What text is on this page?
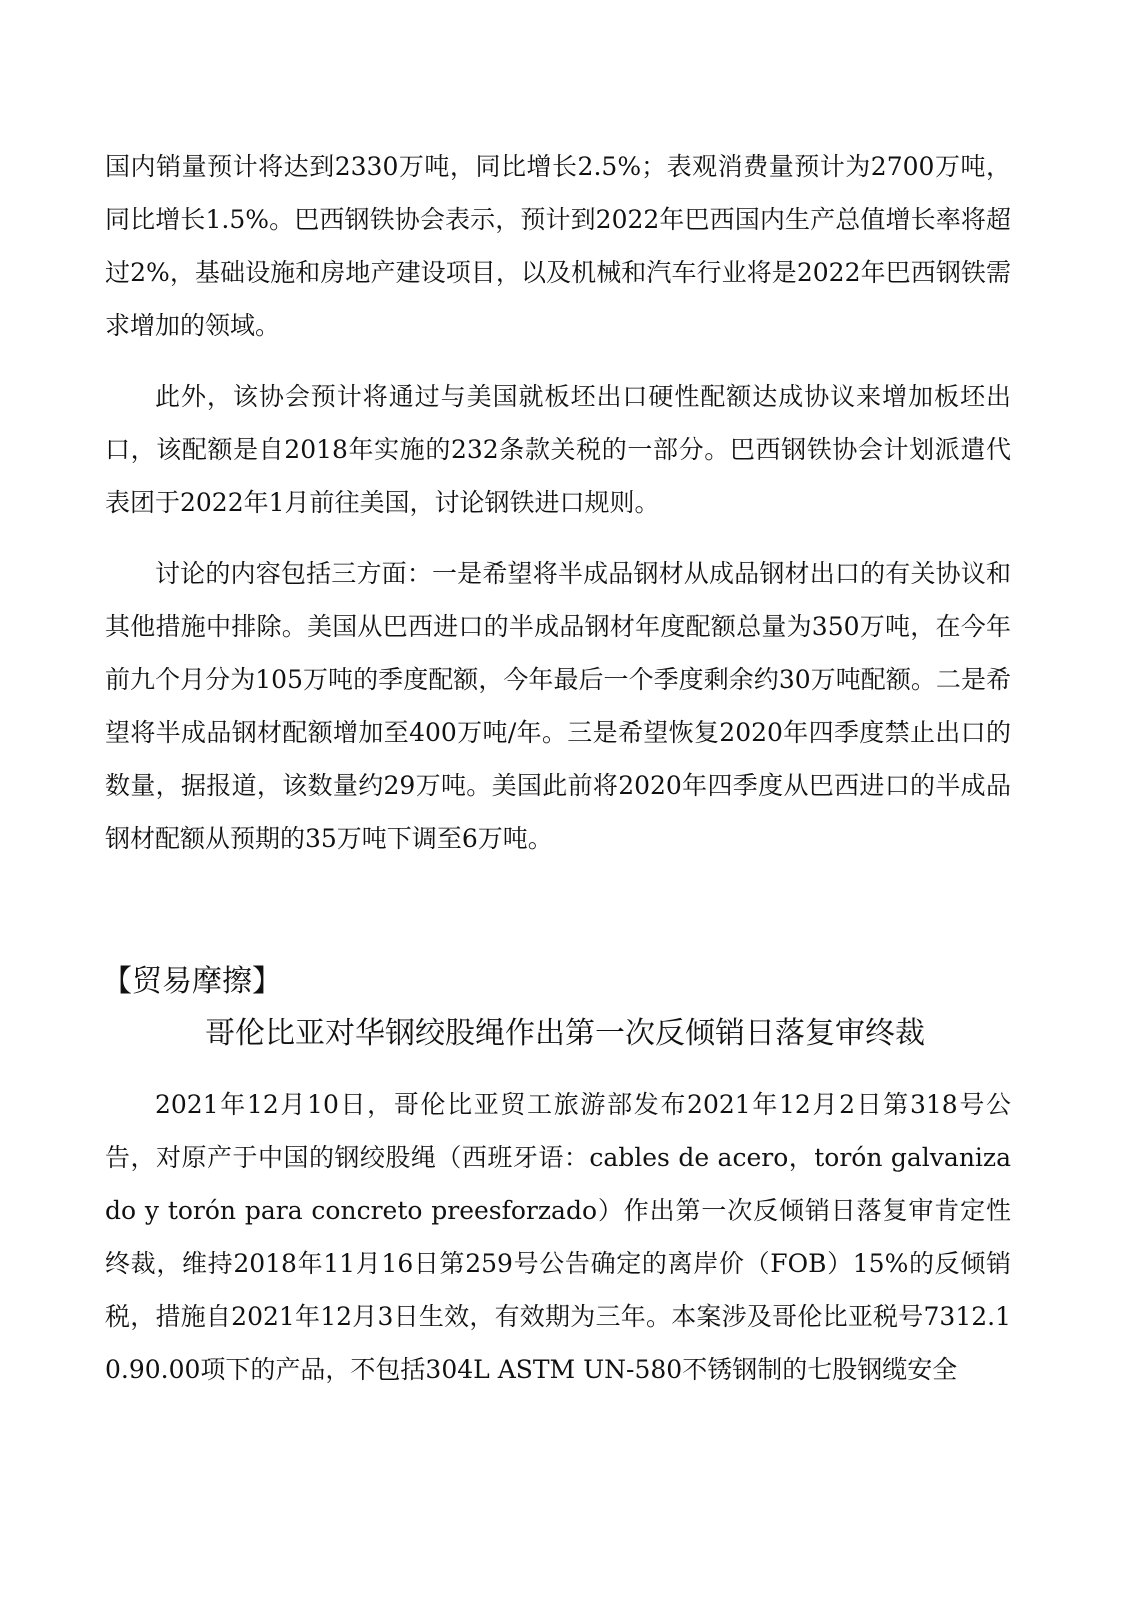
国内销量预计将达到2330万吨，同比增长2.5%；表观消费量预计为2700万吨，同比增长1.5%。巴西钢铁协会表示，预计到2022年巴西国内生产总值增长率将超过2%，基础设施和房地产建设项目，以及机械和汽车行业将是2022年巴西钢铁需求增加的领域。

此外，该协会预计将通过与美国就板坯出口硬性配额达成协议来增加板坯出口，该配额是自2018年实施的232条款关税的一部分。巴西钢铁协会计划派遣代表团于2022年1月前往美国，讨论钢铁进口规则。

讨论的内容包括三方面：一是希望将半成品钢材从成品钢材出口的有关协议和其他措施中排除。美国从巴西进口的半成品钢材年度配额总量为350万吨，在今年前九个月分为105万吨的季度配额，今年最后一个季度剩余约30万吨配额。二是希望将半成品钢材配额增加至400万吨/年。三是希望恢复2020年四季度禁止出口的数量，据报道，该数量约29万吨。美国此前将2020年四季度从巴西进口的半成品钢材配额从预期的35万吨下调至6万吨。

【贸易摩擦】
哥伦比亚对华钢绞股绳作出第一次反倾销日落复审终裁

2021年12月10日，哥伦比亚贸工旅游部发布2021年12月2日第318号公告，对原产于中国的钢绞股绳（西班牙语：cables de acero，torón galvanizado y torón para concreto preesforzado）作出第一次反倾销日落复审肯定性终裁，维持2018年11月16日第259号公告确定的离岸价（FOB）15%的反倾销税，措施自2021年12月3日生效，有效期为三年。本案涉及哥伦比亚税号7312.10.90.00项下的产品，不包括304L ASTM UN-580不锈钢制的七股钢缆安全
